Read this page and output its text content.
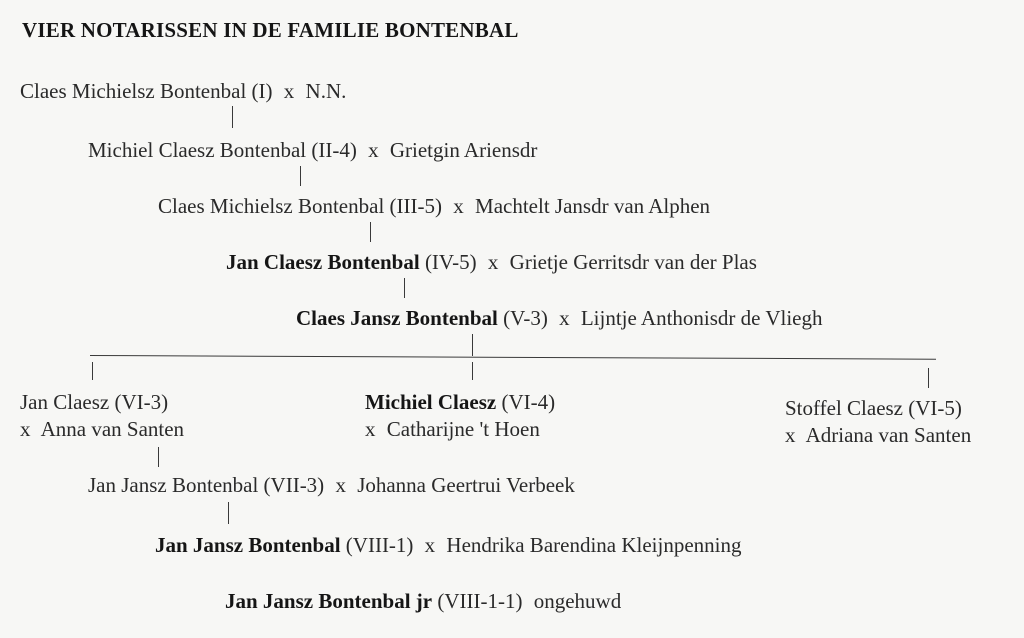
VIER NOTARISSEN IN DE FAMILIE BONTENBAL
Claes Michielsz Bontenbal (I) x N.N.
Michiel Claesz Bontenbal (II-4) x Grietgin Ariensdr
Claes Michielsz Bontenbal (III-5) x Machtelt Jansdr van Alphen
Jan Claesz Bontenbal (IV-5) x Grietje Gerritsdr van der Plas
Claes Jansz Bontenbal (V-3) x Lijntje Anthonisdr de Vliegh
Jan Claesz (VI-3)
x Anna van Santen
Michiel Claesz (VI-4)
x Catharijne 't Hoen
Stoffel Claesz (VI-5)
x Adriana van Santen
Jan Jansz Bontenbal (VII-3) x Johanna Geertrui Verbeek
Jan Jansz Bontenbal (VIII-1) x Hendrika Barendina Kleijnpenning
Jan Jansz Bontenbal jr (VIII-1-1) ongehuwd
